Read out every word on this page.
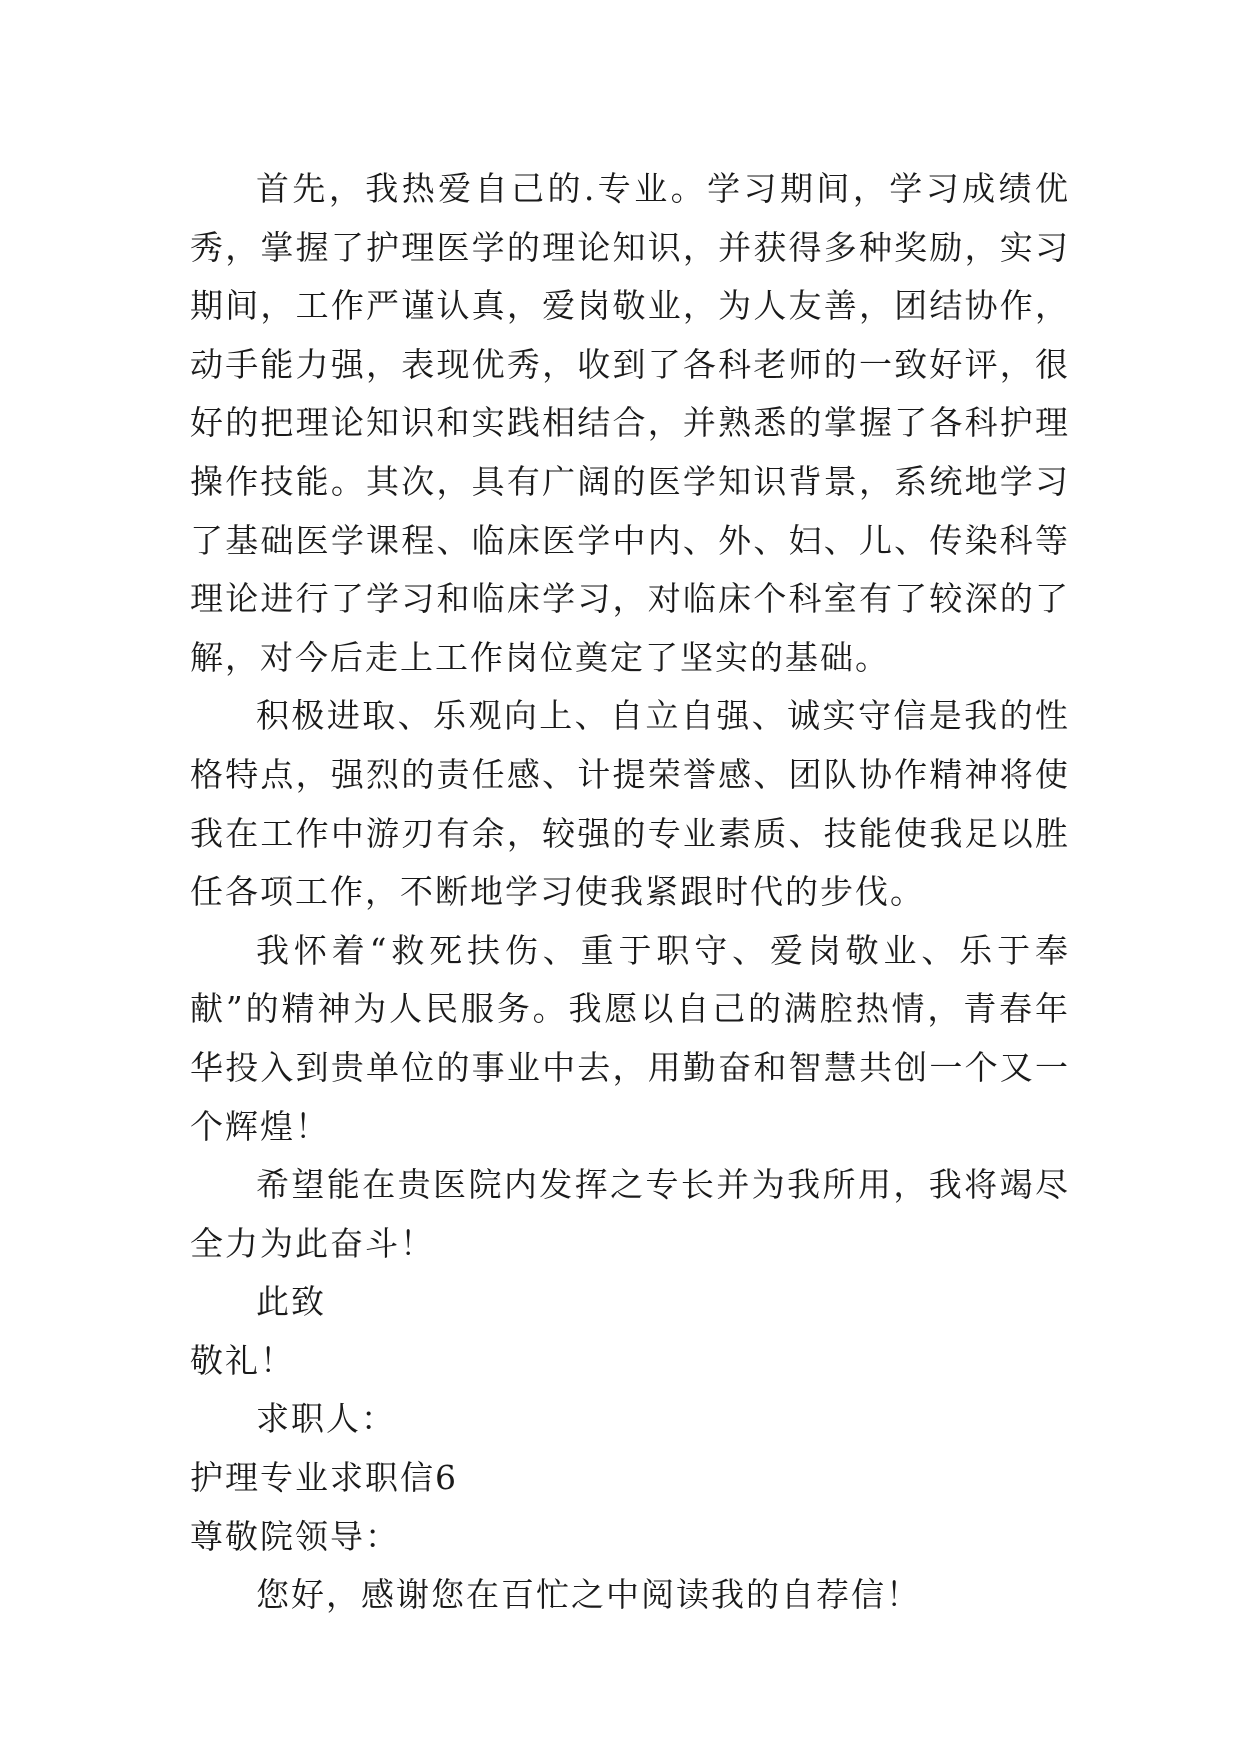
首先，我热爱自己的.专业。学习期间，学习成绩优秀，掌握了护理医学的理论知识，并获得多种奖励，实习期间，工作严谨认真，爱岗敬业，为人友善，团结协作，动手能力强，表现优秀，收到了各科老师的一致好评，很好的把理论知识和实践相结合，并熟悉的掌握了各科护理操作技能。其次，具有广阔的医学知识背景，系统地学习了基础医学课程、临床医学中内、外、妇、儿、传染科等理论进行了学习和临床学习，对临床个科室有了较深的了解，对今后走上工作岗位奠定了坚实的基础。

积极进取、乐观向上、自立自强、诚实守信是我的性格特点，强烈的责任感、计提荣誉感、团队协作精神将使我在工作中游刃有余，较强的专业素质、技能使我足以胜任各项工作，不断地学习使我紧跟时代的步伐。

我怀着“救死扶伤、重于职守、爱岗敬业、乐于奉献”的精神为人民服务。我愿以自己的满腔热情，青春年华投入到贵单位的事业中去，用勤奋和智慧共创一个又一个辉煌！

希望能在贵医院内发挥之专长并为我所用，我将竭尽全力为此奋斗！

此致

敬礼！

求职人：

护理专业求职信6

尊敬院领导：

您好，感谢您在百忙之中阅读我的自荐信！
